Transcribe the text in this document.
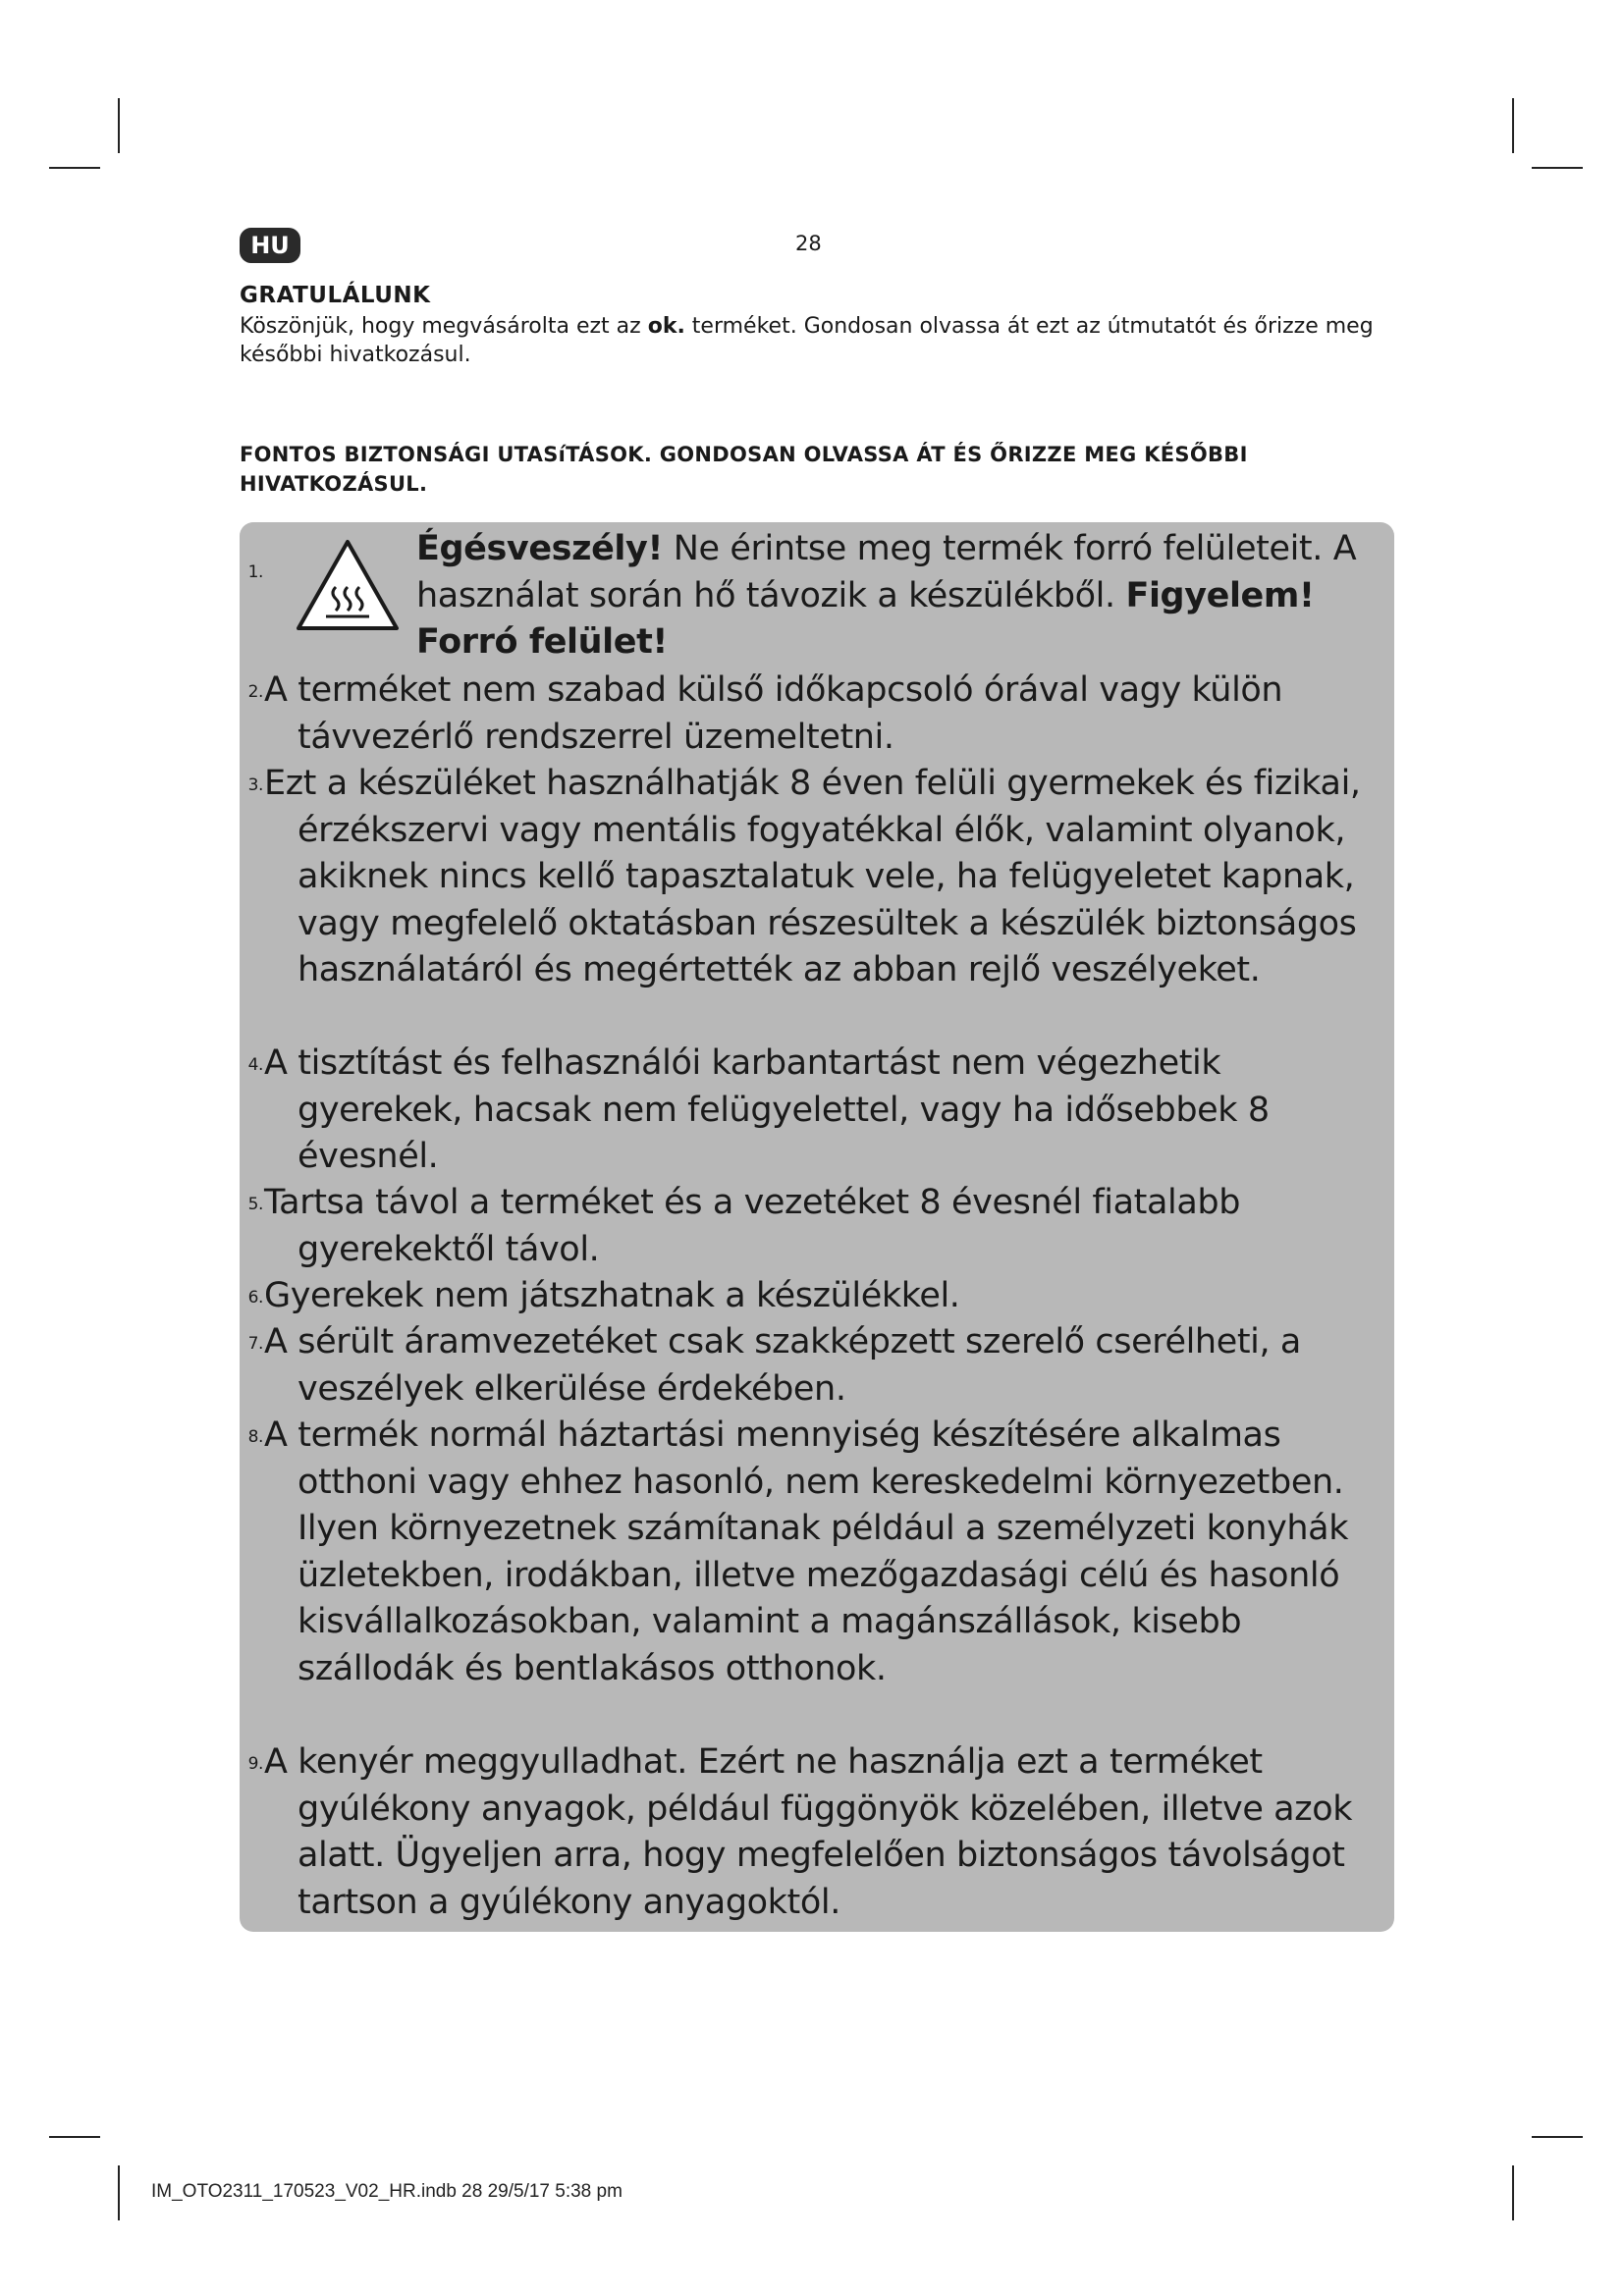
HU	28
GRATULÁLUNK
Köszönjük, hogy megvásárolta ezt az ok. terméket. Gondosan olvassa át ezt az útmutatót és őrizze meg későbbi hivatkozásul.
FONTOS BIZTONSÁGI UTASíTÁSOK. GONDOSAN OLVASSA ÁT ÉS ŐRIZZE MEG KÉSŐBBI HIVATKOZÁSUL.
1.
Égésveszély! Ne érintse meg termék forró felületeit. A használat során hő távozik a készülékből. Figyelem! Forró felület!
2. A terméket nem szabad külső időkapcsoló órával vagy külön távvezérlő rendszerrel üzemeltetni.
3. Ezt a készüléket használhatják 8 éven felüli gyermekek és fizikai, érzékszervi vagy mentális fogyatékkal élők, valamint olyanok, akiknek nincs kellő tapasztalatuk vele, ha felügyeletet kapnak, vagy megfelelő oktatásban részesültek a készülék biztonságos használatáról és megértették az abban rejlő veszélyeket.
4. A tisztítást és felhasználói karbantartást nem végezhetik gyerekek, hacsak nem felügyelettel, vagy ha idősebbek 8 évesnél.
5. Tartsa távol a terméket és a vezetéket 8 évesnél fiatalabb gyerekektől távol.
6. Gyerekek nem játszhatnak a készülékkel.
7. A sérült áramvezetéket csak szakképzett szerelő cserélheti, a veszélyek elkerülése érdekében.
8. A termék normál háztartási mennyiség készítésére alkalmas otthoni vagy ehhez hasonló, nem kereskedelmi környezetben. Ilyen környezetnek számítanak például a személyzeti konyhák üzletekben, irodákban, illetve mezőgazdasági célú és hasonló kisvállalkozásokban, valamint a magánszállások, kisebb szállodák és bentlakásos otthonok.
9. A kenyér meggyulladhat. Ezért ne használja ezt a terméket gyúlékony anyagok, például függönyök közelében, illetve azok alatt. Ügyeljen arra, hogy megfelelően biztonságos távolságot tartson a gyúlékony anyagoktól.
IM_OTO2311_170523_V02_HR.indb 28 29/5/17 5:38 pm
